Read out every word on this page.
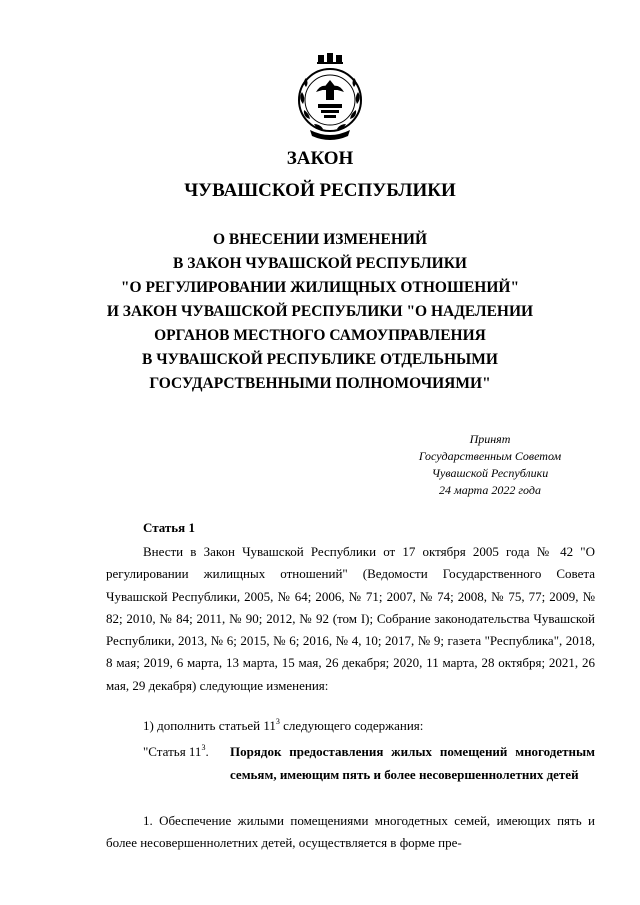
ЗАКОН
ЧУВАШСКОЙ РЕСПУБЛИКИ
О ВНЕСЕНИИ ИЗМЕНЕНИЙ
В ЗАКОН ЧУВАШСКОЙ РЕСПУБЛИКИ
"О РЕГУЛИРОВАНИИ ЖИЛИЩНЫХ ОТНОШЕНИЙ"
И ЗАКОН ЧУВАШСКОЙ РЕСПУБЛИКИ "О НАДЕЛЕНИИ
ОРГАНОВ МЕСТНОГО САМОУПРАВЛЕНИЯ
В ЧУВАШСКОЙ РЕСПУБЛИКЕ ОТДЕЛЬНЫМИ
ГОСУДАРСТВЕННЫМИ ПОЛНОМОЧИЯМИ"
Принят
Государственным Советом
Чувашской Республики
24 марта 2022 года
Статья 1
Внести в Закон Чувашской Республики от 17 октября 2005 года № 42 "О регулировании жилищных отношений" (Ведомости Государственного Совета Чувашской Республики, 2005, № 64; 2006, № 71; 2007, № 74; 2008, № 75, 77; 2009, № 82; 2010, № 84; 2011, № 90; 2012, № 92 (том I); Собрание законодательства Чувашской Республики, 2013, № 6; 2015, № 6; 2016, № 4, 10; 2017, № 9; газета "Республика", 2018, 8 мая; 2019, 6 марта, 13 марта, 15 мая, 26 декабря; 2020, 11 марта, 28 октября; 2021, 26 мая, 29 декабря) следующие изменения:
1) дополнить статьей $11^3$ следующего содержания:
"Статья $11^3$. Порядок предоставления жилых помещений многодетным семьям, имеющим пять и более несовершеннолетних детей
1. Обеспечение жилыми помещениями многодетных семей, имеющих пять и более несовершеннолетних детей, осуществляется в форме пре-
